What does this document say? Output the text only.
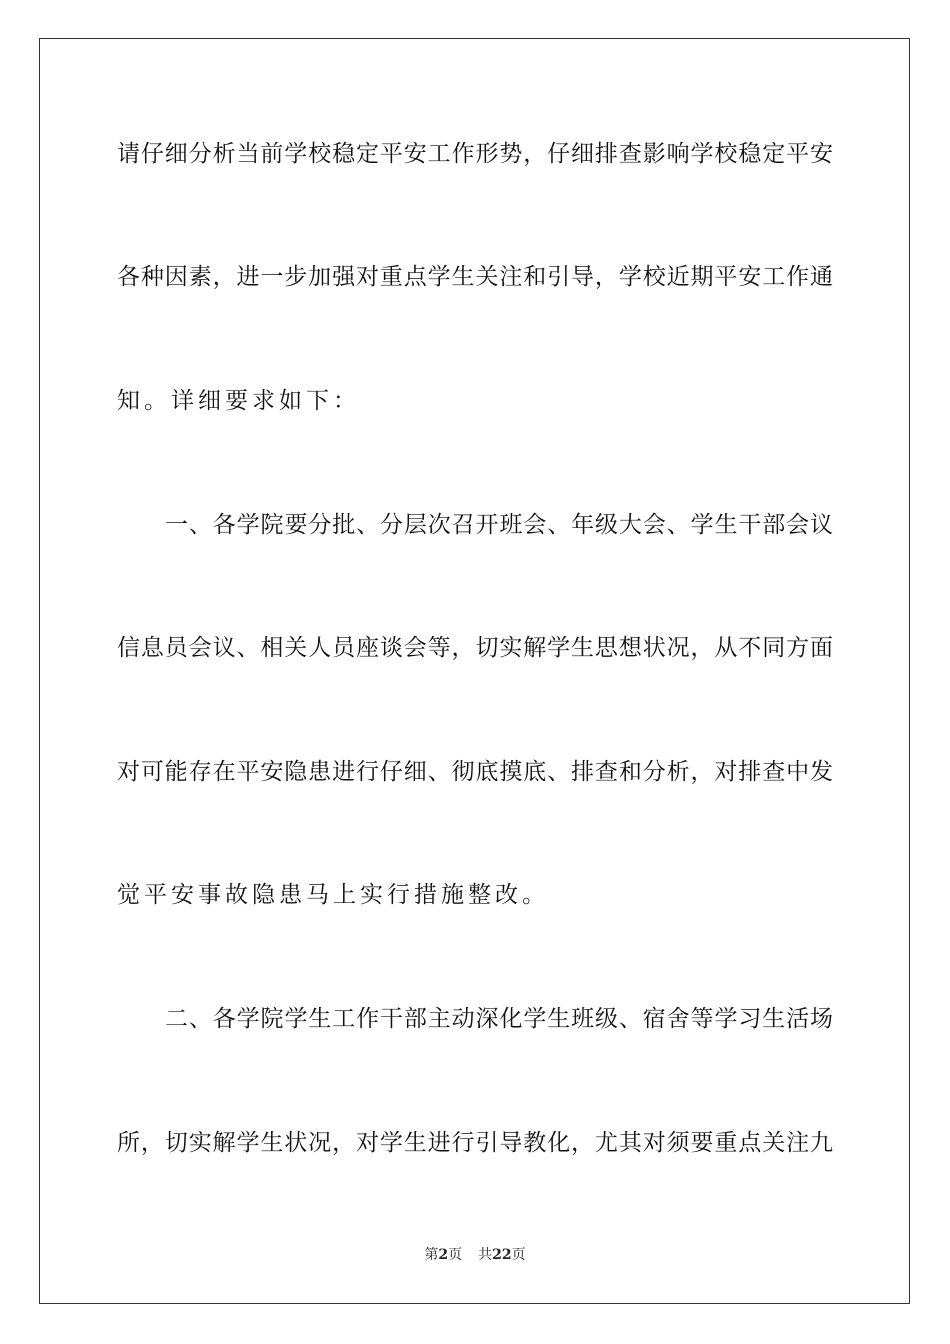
请仔细分析当前学校稳定平安工作形势，仔细排查影响学校稳定平安
各种因素，进一步加强对重点学生关注和引导，学校近期平安工作通
知。详细要求如下：
一、各学院要分批、分层次召开班会、年级大会、学生干部会议
信息员会议、相关人员座谈会等，切实解学生思想状况，从不同方面
对可能存在平安隐患进行仔细、彻底摸底、排查和分析，对排查中发
觉平安事故隐患马上实行措施整改。
二、各学院学生工作干部主动深化学生班级、宿舍等学习生活场
所，切实解学生状况，对学生进行引导教化，尤其对须要重点关注九
第2页 共22页
